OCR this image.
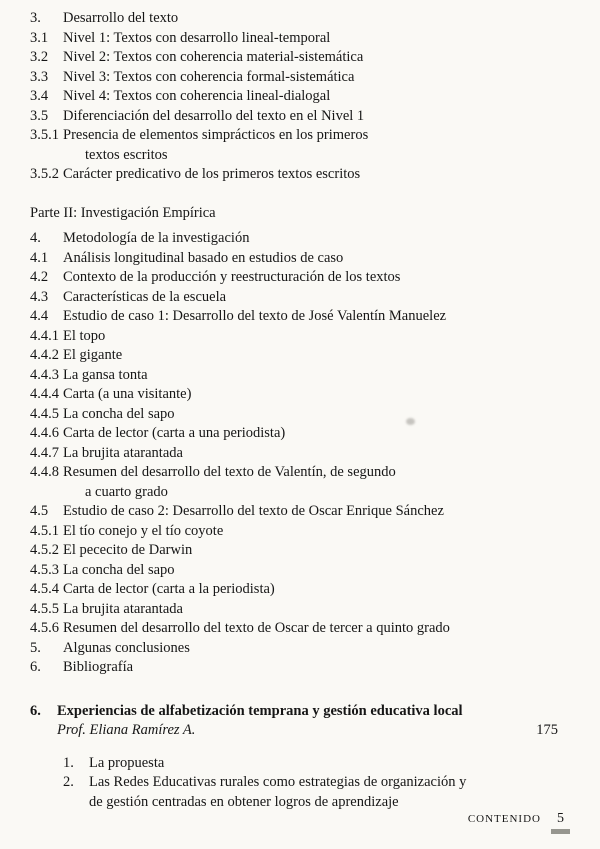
3.	Desarrollo del texto
3.1	Nivel 1: Textos con desarrollo lineal-temporal
3.2	Nivel 2: Textos con coherencia material-sistemática
3.3	Nivel 3: Textos con coherencia formal-sistemática
3.4	Nivel 4: Textos con coherencia lineal-dialogal
3.5	Diferenciación del desarrollo del texto en el Nivel 1
3.5.1 Presencia de elementos simprácticos en los primeros
textos escritos
3.5.2 Carácter predicativo de los primeros textos escritos
Parte II: Investigación Empírica
4.	Metodología de la investigación
4.1	Análisis longitudinal basado en estudios de caso
4.2	Contexto de la producción y reestructuración de los textos
4.3	Características de la escuela
4.4	Estudio de caso 1: Desarrollo del texto de José Valentín Manuelez
4.4.1 El topo
4.4.2 El gigante
4.4.3 La gansa tonta
4.4.4 Carta (a una visitante)
4.4.5 La concha del sapo
4.4.6 Carta de lector (carta a una periodista)
4.4.7 La brujita atarantada
4.4.8 Resumen del desarrollo del texto de Valentín, de segundo
a cuarto grado
4.5	Estudio de caso 2: Desarrollo del texto de Oscar Enrique Sánchez
4.5.1 El tío conejo y el tío coyote
4.5.2 El pececito de Darwin
4.5.3 La concha del sapo
4.5.4 Carta de lector (carta a la periodista)
4.5.5 La brujita atarantada
4.5.6 Resumen del desarrollo del texto de Oscar de tercer a quinto grado
5.	Algunas conclusiones
6.	Bibliografía
6.	Experiencias de alfabetización temprana y gestión educativa local
Prof. Eliana Ramírez A.	175
1.	La propuesta
2.	Las Redes Educativas rurales como estrategias de organización y
de gestión centradas en obtener logros de aprendizaje
CONTENIDO	5
